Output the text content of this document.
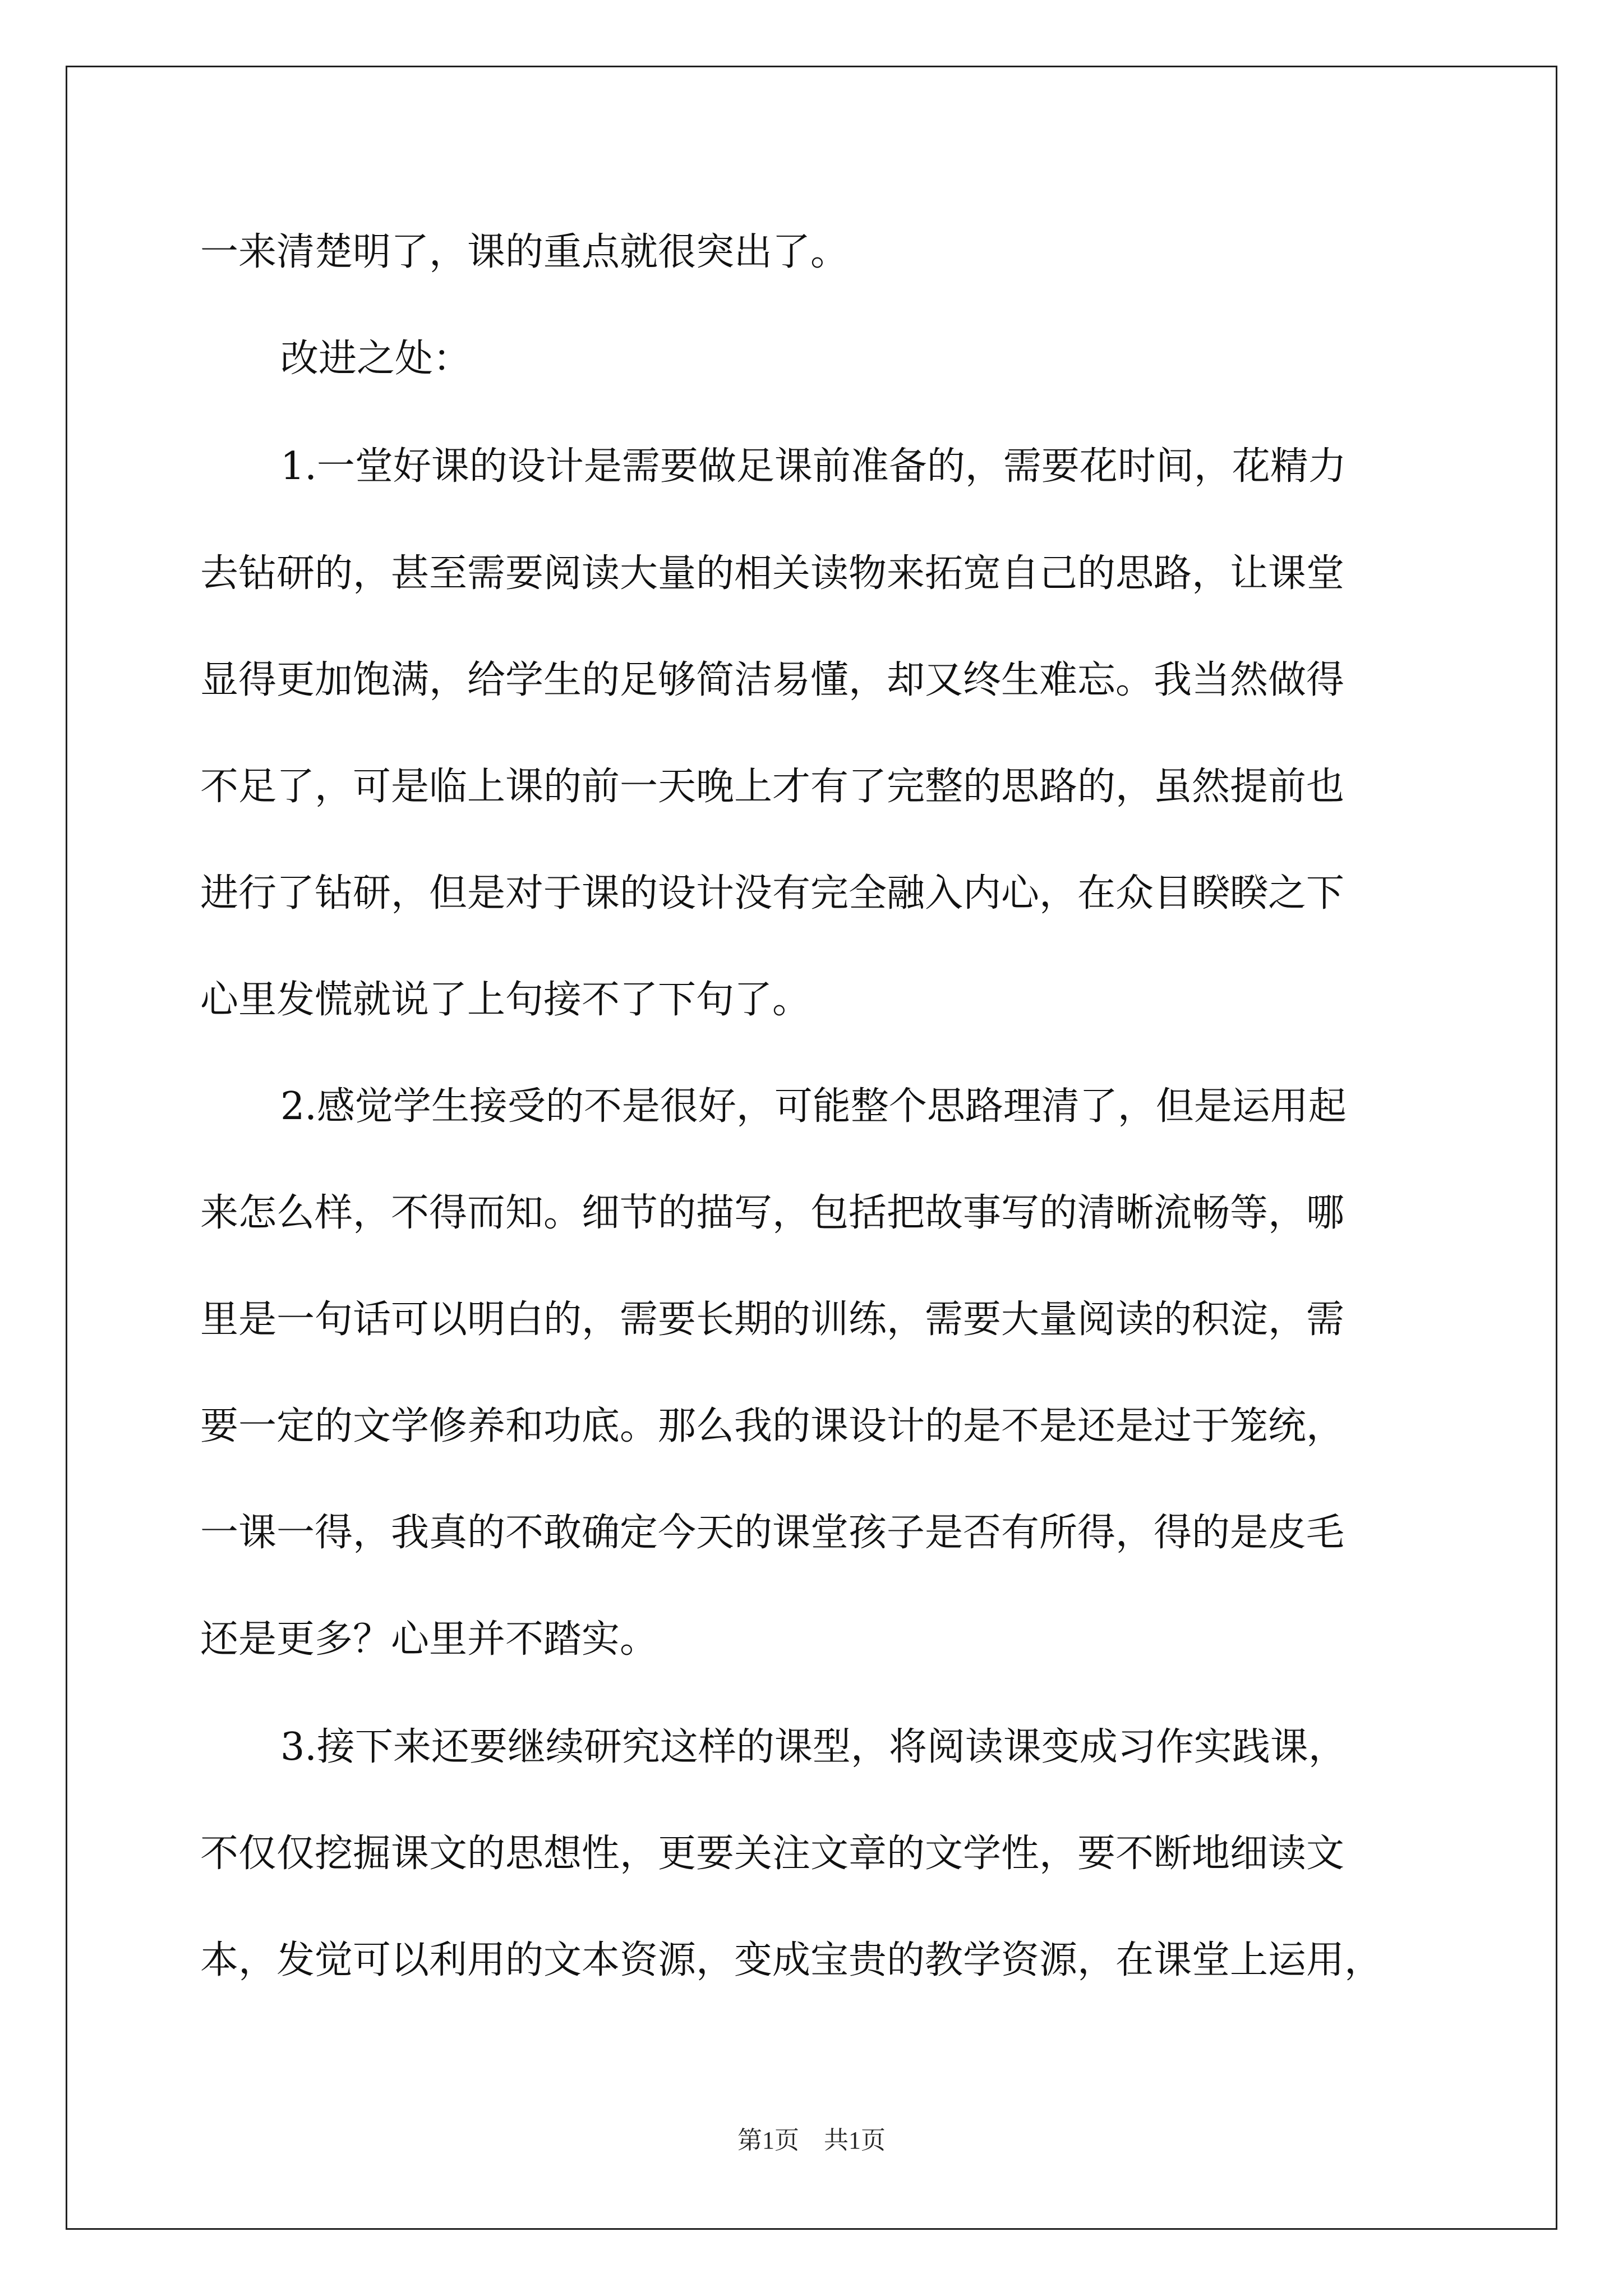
一来清楚明了，课的重点就很突出了。
改进之处：
1.一堂好课的设计是需要做足课前准备的，需要花时间，花精力
去钻研的，甚至需要阅读大量的相关读物来拓宽自己的思路，让课堂
显得更加饱满，给学生的足够简洁易懂，却又终生难忘。我当然做得
不足了，可是临上课的前一天晚上才有了完整的思路的，虽然提前也
进行了钻研，但是对于课的设计没有完全融入内心，在众目睽睽之下
心里发慌就说了上句接不了下句了。
2.感觉学生接受的不是很好，可能整个思路理清了，但是运用起
来怎么样，不得而知。细节的描写，包括把故事写的清晰流畅等，哪
里是一句话可以明白的，需要长期的训练，需要大量阅读的积淀，需
要一定的文学修养和功底。那么我的课设计的是不是还是过于笼统，
一课一得，我真的不敢确定今天的课堂孩子是否有所得，得的是皮毛
还是更多？心里并不踏实。
3.接下来还要继续研究这样的课型，将阅读课变成习作实践课，
不仅仅挖掘课文的思想性，更要关注文章的文学性，要不断地细读文
本，发觉可以利用的文本资源，变成宝贵的教学资源，在课堂上运用，
第1页　共1页
